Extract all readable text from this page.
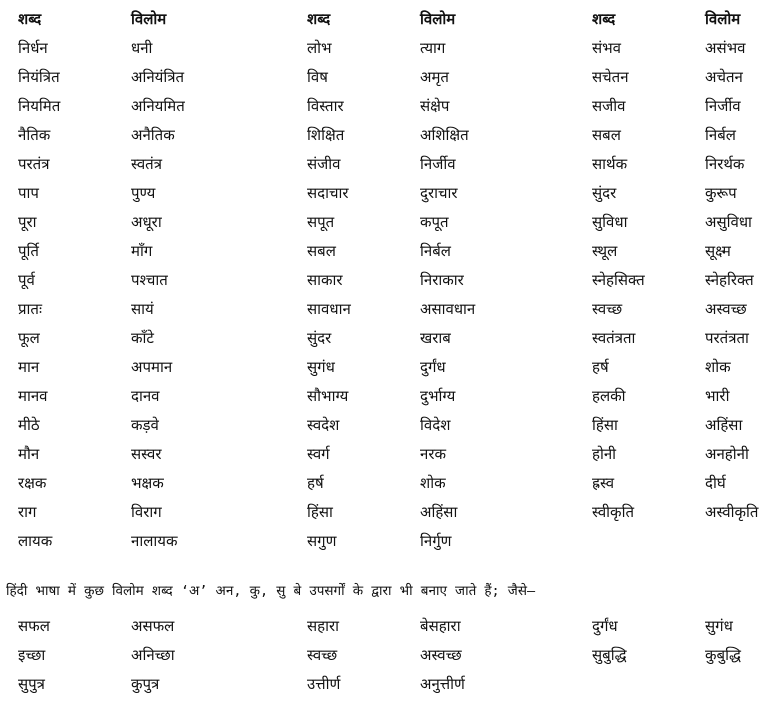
शब्द	विलोम	शब्द	विलोम	शब्द	विलोम
निर्धन	धनी	लोभ	त्याग	संभव	असंभव
नियंत्रित	अनियंत्रित	विष	अमृत	सचेतन	अचेतन
नियमित	अनियमित	विस्तार	संक्षेप	सजीव	निर्जीव
नैतिक	अनैतिक	शिक्षित	अशिक्षित	सबल	निर्बल
परतंत्र	स्वतंत्र	संजीव	निर्जीव	सार्थक	निरर्थक
पाप	पुण्य	सदाचार	दुराचार	सुंदर	कुरूप
पूरा	अधूरा	सपूत	कपूत	सुविधा	असुविधा
पूर्ति	माँग	सबल	निर्बल	स्थूल	सूक्ष्म
पूर्व	पश्चात	साकार	निराकार	स्नेहसिक्त	स्नेहरिक्त
प्रातः	सायं	सावधान	असावधान	स्वच्छ	अस्वच्छ
फूल	काँटे	सुंदर	खराब	स्वतंत्रता	परतंत्रता
मान	अपमान	सुगंध	दुर्गंध	हर्ष	शोक
मानव	दानव	सौभाग्य	दुर्भाग्य	हलकी	भारी
मीठे	कड़वे	स्वदेश	विदेश	हिंसा	अहिंसा
मौन	सस्वर	स्वर्ग	नरक	होनी	अनहोनी
रक्षक	भक्षक	हर्ष	शोक	ह्रस्व	दीर्घ
राग	विराग	हिंसा	अहिंसा	स्वीकृति	अस्वीकृति
लायक	नालायक	सगुण	निर्गुण
हिंदी भाषा में कुछ विलोम शब्द ‘अ’ अन, कु, सु बे उपसर्गों के द्वारा भी बनाए जाते हैं; जैसे—
सफल	असफल	सहारा	बेसहारा	दुर्गंध	सुगंध
इच्छा	अनिच्छा	स्वच्छ	अस्वच्छ	सुबुद्धि	कुबुद्धि
सुपुत्र	कुपुत्र	उत्तीर्ण	अनुत्तीर्ण
